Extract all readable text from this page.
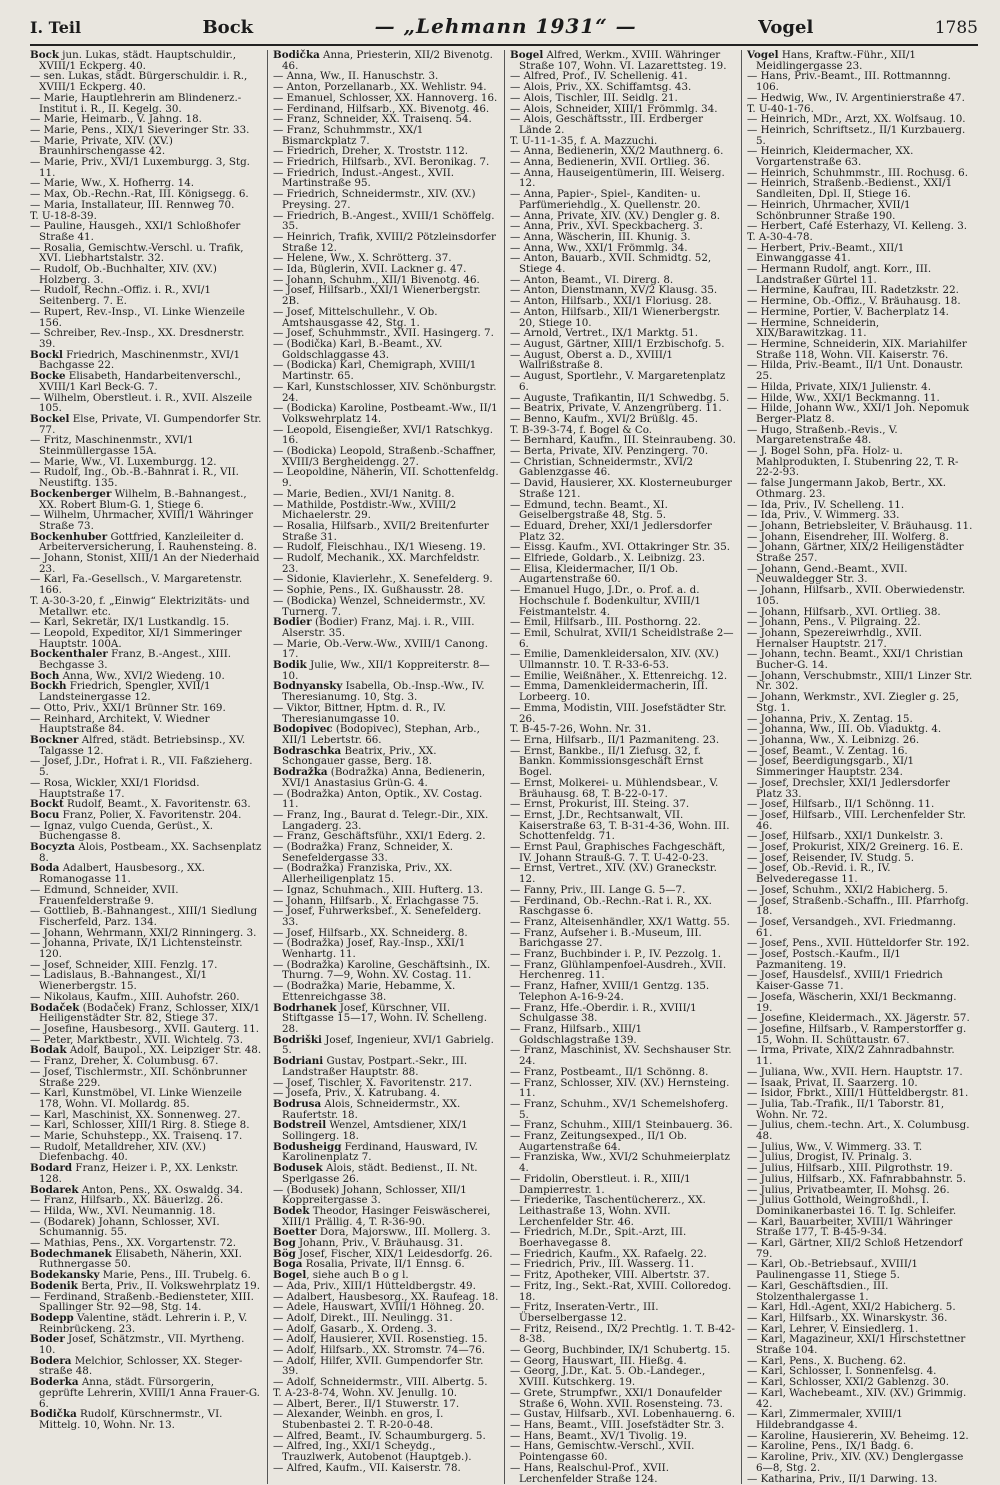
I. Teil	Bock	— „Lehmann 1931“ —	Vogel	1785
Bock jun. Lukas, städt. Hauptschuldir., XVIII/1 Eckperg. 40.
— sen. Lukas, städt. Bürgerschuldir. i. R., XVIII/1 Eckperg. 40.
— Marie, Hauptlehrerin am Blindenerz.-Institut i. R., II. Kegelg. 30.
— Marie, Heimarb., V. Jahng. 18.
— Marie, Pens., XIX/1 Sieveringer Str. 33.
— Marie, Private, XIV. (XV.) Braunhirschengasse 42.
— Marie, Priv., XVI/1 Luxemburgg. 3, Stg. 11.
— Marie, Ww., X. Hofherrg. 14.
— Max, Ob.-Rechn.-Rat, III. Königsegg. 6.
— Maria, Installateur, III. Rennweg 70.
T. U-18-8-39.
— Pauline, Hausgeh., XXI/1 Schloßhofer Straße 41.
— Rosalia, Gemischtw.-Verschl. u. Trafik, XVI. Liebhartstalstr. 32.
— Rudolf, Ob.-Buchhalter, XIV. (XV.) Holzberg. 3.
— Rudolf, Rechn.-Offiz. i. R., XVI/1 Seitenberg. 7. E.
— Rupert, Rev.-Insp., VI. Linke Wienzeile 156.
— Schreiber, Rev.-Insp., XX. Dresdnerstr. 39.
Bockl Friedrich, Maschinenmstr., XVI/1 Bachgasse 22.
Bocke Elisabeth, Handarbeitenverschl., XVIII/1 Karl Beck-G. 7.
— Wilhelm, Oberstleut. i. R., XVII. Alszeile 105.
Bockel Else, Private, VI. Gumpendorfer Str. 77.
— Fritz, Maschinenmstr., XVI/1 Steinmüllergasse 15A.
— Marie, Ww., VI. Luxemburgg. 12.
— Rudolf, Ing., Ob.-B.-Bahnrat i. R., VII. Neustiftg. 135.
Bockenberger Wilhelm, B.-Bahnangest., XX. Robert Blum-G. 1, Stiege 6.
— Wilhelm, Uhrmacher, XVIII/1 Währinger Straße 73.
Bockenhuber Gottfried, Kanzleileiter d. Arbeiterversicherung, I. Rauhensteing. 8.
— Johann, Stonist, XIII/1 An der Niederhaid 23.
— Karl, Fa.-Gesellsch., V. Margaretenstr. 166.
T. A-30-3-20, f. „Einwig“ Elektrizitäts- und Metallwr. etc.
— Karl, Sekretär, IX/1 Lustkandlg. 15.
— Leopold, Expeditor, XI/1 Simmeringer Hauptstr. 100A.
Bockenthaler Franz, B.-Angest., XIII. Bechgasse 3.
Boch Anna, Ww., XVI/2 Wiedeng. 10.
Bockh Friedrich, Spengler, XVII/1 Landsteinergasse 12.
— Otto, Priv., XXI/1 Brünner Str. 169.
— Reinhard, Architekt, V. Wiedner Hauptstraße 84.
Bockner Alfred, städt. Betriebsinsp., XV. Talgasse 12.
— Josef, J.Dr., Hofrat i. R., VII. Faßzieherg. 5.
— Rosa, Wickler, XXI/1 Floridsd. Hauptstraße 17.
Bockt Rudolf, Beamt., X. Favoritenstr. 63.
Bocu Franz, Polier, X. Favoritenstr. 204.
— Ignaz, vulgo Cuenda, Gerüst., X. Buchengasse 8.
Bocyzta Alois, Postbeam., XX. Sachsenplatz 8.
Boda Adalbert, Hausbesorg., XX. Romanogasse 11.
— Edmund, Schneider, XVII. Frauenfelderstraße 9.
— Gottlieb, B.-Bahnangest., XIII/1 Siedlung Fischerfeld, Parz. 134.
— Johann, Wehrmann, XXI/2 Rinningerg. 3.
— Johanna, Private, IX/1 Lichtensteinstr. 120.
— Josef, Schneider, XIII. Fenzlg. 17.
— Ladislaus, B.-Bahnangest., XI/1 Wienerbergstr. 15.
— Nikolaus, Kaufm., XIII. Auhofstr. 260.
Bodaček (Bodaček) Franz, Schlosser, XIX/1 Heiligenstädter Str. 82, Stiege 37.
— Josefine, Hausbesorg., XVII. Gauterg. 11.
— Peter, Marktbestr., XVII. Wichtelg. 73.
Bodak Adolf, Baupol., XX. Leipziger Str. 48.
— Franz, Dreher, X. Columbusg. 67.
— Josef, Tischlermstr., XII. Schönbrunner Straße 229.
— Karl, Kunstmöbel, VI. Linke Wienzeile 178, Wohn. VI. Mollardg. 85.
— Karl, Maschinist, XX. Sonnenweg. 27.
— Karl, Schlosser, XIII/1 Rirg. 8. Stiege 8.
— Marie, Schuhstepp., XX. Traisenq. 17.
— Rudolf, Metalldreher, XIV. (XV.) Diefenbachg. 40.
Bodard Franz, Heizer i. P., XX. Lenkstr. 128.
Bodarek Anton, Pens., XX. Oswaldg. 34.
— Franz, Hilfsarb., XX. Bäuerlzg. 26.
— Hilda, Ww., XVI. Neumannig. 18.
— (Bodarek) Johann, Schlosser, XVI. Schumannig. 55.
— Mathias, Pens., XX. Vorgartenstr. 72.
Bodechmanek Elisabeth, Näherin, XXI. Ruthnergasse 50.
Bodekansky Marie, Pens., III. Trubelg. 6.
Bodenik Berta, Priv., II. Volkswehrplatz 19.
— Ferdinand, Straßenb.-Bediensteter, XIII. Spallinger Str. 92—98, Stg. 14.
Bodepp Valentine, städt. Lehrerin i. P., V. Reinbrückeng. 23.
Boder Josef, Schätzmstr., VII. Myrtheng. 10.
Bodera Melchior, Schlosser, XX. Steger-straße 48.
Boderka Anna, städt. Fürsorgerin, geprüfte Lehrerin, XVIII/1 Anna Frauer-G. 6.
Bodička Rudolf, Kürschnermstr., VI. Mittelg. 10, Wohn. Nr. 13.
Bodička Anna, Priesterin, XII/2 Bivenotg. 46.
— Anna, Ww., II. Hanuschstr. 3.
— Anton, Porzellanarb., XX. Wehlistr. 94.
— Emanuel, Schlosser, XX. Hannoverg. 16.
— Ferdinand, Hilfsarb., XX. Bivenotg. 46.
— Franz, Schneider, XX. Traisenq. 54.
— Franz, Schuhmmstr., XX/1 Bismarckplatz 7.
— Friedrich, Dreher, X. Troststr. 112.
— Friedrich, Hilfsarb., XVI. Beronikag. 7.
— Friedrich, Indust.-Angest., XVII. Martinstraße 95.
— Friedrich, Schneidermstr., XIV. (XV.) Preysing. 27.
— Friedrich, B.-Angest., XVIII/1 Schöffelg. 35.
— Heinrich, Trafik, XVIII/2 Pötzleinsdorfer Straße 12.
— Helene, Ww., X. Schrötterg. 37.
— Ida, Büglerin, XVII. Lackner g. 47.
— Johann, Schuhm., XII/1 Bivenotg. 46.
— Josef, Hilfsarb., XXI/1 Wienerbergstr. 2B.
— Josef, Mittelschullehr., V. Ob. Amtshausgasse 42, Stg. 1.
— Josef, Schuhmmstr., XVII. Hasingerg. 7.
— (Bodička) Karl, B.-Beamt., XV. Goldschlaggasse 43.
— (Bodicka) Karl, Chemigraph, XVIII/1 Martinstr. 65.
— Karl, Kunstschlosser, XIV. Schönburgstr. 24.
— (Bodicka) Karoline, Postbeamt.-Ww., II/1 Volkswehrplatz 14.
— Leopold, Eisengießer, XVI/1 Ratschkyg. 16.
— (Bodicka) Leopold, Straßenb.-Schaffner, XVIII/3 Bergheidengg. 27.
— Leopoldine, Näherin, VII. Schottenfeldg. 9.
— Marie, Bedien., XVI/1 Nanitg. 8.
— Mathilde, Postdistr.-Ww., XVIII/2 Michaelerstr. 29.
— Rosalia, Hilfsarb., XVII/2 Breitenfurter Straße 31.
— Rudolf, Fleischhau., IX/1 Wieseng. 19.
— Rudolf, Mechanik., XX. Marchfeldstr. 23.
— Sidonie, Klavierlehr., X. Senefelderg. 9.
— Sophie, Pens., IX. Gußhausstr. 28.
— (Bodicka) Wenzel, Schneidermstr., XV. Turnerg. 7.
Bodier (Bodier) Franz, Maj. i. R., VIII. Alserstr. 35.
— Marie, Ob.-Verw.-Ww., XVIII/1 Canong. 17.
Bodik Julie, Ww., XII/1 Koppreiterstr. 8—10.
Bodnyansky Isabella, Ob.-Insp.-Ww., IV. Theresianumg. 10, Stg. 3.
— Viktor, Bittner, Hptm. d. R., IV. Theresianumgasse 10.
Bodopivec (Bodopivec), Stephan, Arb., XII/1 Lebertstr. 66.
Bodraschka Beatrix, Priv., XX. Schongauer gasse, Berg. 18.
Bodražka (Bodražka) Anna, Bedienerin, XVI/1 Anastasius Grün-G. 4.
— (Bodražka) Anton, Optik., XV. Costag. 11.
— Franz, Ing., Baurat d. Telegr.-Dir., XIX. Langaderg. 23.
— Franz, Geschäftsführ., XXI/1 Ederg. 2.
— (Bodražka) Franz, Schneider, X. Senefeldergasse 33.
— (Bodražka) Franziska, Priv., XX. Allerheiligenplatz 15.
— Ignaz, Schuhmach., XIII. Hufterg. 13.
— Johann, Hilfsarb., X. Erlachgasse 75.
— Josef, Fuhrwerksbef., X. Senefelderg. 33.
— Josef, Hilfsarb., XX. Schneiderg. 8.
— (Bodražka) Josef, Ray.-Insp., XXI/1 Wenhartg. 11.
— (Bodražka) Karoline, Geschäftsinh., IX. Thurng. 7—9, Wohn. XV. Costag. 11.
— (Bodražka) Marie, Hebamme, X. Ettenreichgasse 38.
Bodrhanek Josef, Kürschner, VII. Stiftgasse 15—17, Wohn. IV. Schelleng. 28.
Bodriški Josef, Ingenieur, XVI/1 Gabrielg. 5.
Bodriani Gustav, Postpart.-Sekr., III. Landstraßer Hauptstr. 88.
— Josef, Tischler, X. Favoritenstr. 217.
— Josefa, Priv., X. Katrubang. 4.
Bodrusa Alois, Schneidermstr., XX. Raufertstr. 18.
Bodstreil Wenzel, Amtsdiener, XIX/1 Sollingerg. 18.
Bodusheigg Ferdinand, Hausward, IV. Karolinenplatz 7.
Bodusek Alois, städt. Bedienst., II. Nt. Sperlgasse 26.
— (Bodusek) Johann, Schlosser, XII/1 Koppreitergasse 3.
Bodek Theodor, Hasinger Feiswäscherei, XIII/1 Prällig. 4, T. R-36-90.
Boetter Dora, Majorsww., III. Mollerg. 3.
Bog Johann, Priv., V. Bräuhausg. 31.
Bög Josef, Fischer, XIX/1 Leidesdorfg. 26.
Boga Rosalia, Private, II/1 Ennsg. 6.
Bogel, siehe auch B o g l.
— Ada, Priv., XIII/1 Hütteldbergstr. 49.
— Adalbert, Hausbesorg., XX. Raufeag. 18.
— Adele, Hauswart, XVIII/1 Höhneg. 20.
— Adolf, Direkt., III. Neulingg. 31.
— Adolf, Gasarb., X. Ordeng. 3.
— Adolf, Hausierer, XVII. Rosenstieg. 15.
— Adolf, Hilfsarb., XX. Stromstr. 74—76.
— Adolf, Hilfer, XVII. Gumpendorfer Str. 39.
— Adolf, Schneidermstr., VIII. Albertg. 5.
T. A-23-8-74, Wohn. XV. Jenullg. 10.
— Albert, Berer., II/1 Stuwerstr. 17.
— Alexander, Weinbh. en gros, I. Stubenbastei 2. T. R-20-0-48.
— Alfred, Beamt., IV. Schaumburgerg. 5.
— Alfred, Ing., XXI/1 Scheydg., Trauzlwerk, Autobenot (Hauptgeb.).
— Alfred, Kaufm., VII. Kaiserstr. 78.
Bogel Alfred, Werkm., XVIII. Währinger Straße 107, Wohn. VI. Lazarettsteg. 19.
— Alfred, Prof., IV. Schellenig. 41.
— Alois, Priv., XX. Schiffamtsg. 43.
— Alois, Tischler, III. Seidlg. 21.
— Alois, Schneider, XIII/1 Frömmlg. 34.
— Alois, Geschäftsstr., III. Erdberger Lände 2.
T. U-11-1-35, f. A. Mazzuchi.
— Anna, Bedienerin, XX/2 Mauthnerg. 6.
— Anna, Bedienerin, XVII. Ortlieg. 36.
— Anna, Hauseigentümerin, III. Weiserg. 12.
— Anna, Papier-, Spiel-, Kanditen- u. Parfümeriehdlg., X. Quellenstr. 20.
— Anna, Private, XIV. (XV.) Dengler g. 8.
— Anna, Priv., XVI. Speckbacherg. 3.
— Anna, Wäscherin, III. Khunig. 3.
— Anna, Ww., XXI/1 Frömmlg. 34.
— Anton, Bauarb., XVII. Schmidtg. 52, Stiege 4.
— Anton, Beamt., VI. Direrg. 8.
— Anton, Dienstmann, XV/2 Klausg. 35.
— Anton, Hilfsarb., XXI/1 Floriusg. 28.
— Anton, Hilfsarb., XII/1 Wienerbergstr. 20, Stiege 10.
— Arnold, Vertret., IX/1 Marktg. 51.
— August, Gärtner, XIII/1 Erzbischofg. 5.
— August, Oberst a. D., XVIII/1 Wallrißstraße 8.
— August, Sportlehr., V. Margaretenplatz 6.
— Auguste, Trafikantin, II/1 Schwedbg. 5.
— Beatrix, Private, V. Anzengrüberg. 11.
— Benno, Kaufm., XVI/2 Brüßlg. 45.
T. B-39-3-74, f. Bogel & Co.
— Bernhard, Kaufm., III. Steinraubeng. 30.
— Berta, Private, XIV. Penzingerg. 70.
— Christian, Schneidermstr., XVI/2 Gablenzgasse 46.
— David, Hausierer, XX. Klosterneuburger Straße 121.
— Edmund, techn. Beamt., XI. Geiselbergstraße 48, Stg. 5.
— Eduard, Dreher, XXI/1 Jedlersdorfer Platz 32.
— Eissg. Kaufm., XVI. Ottakringer Str. 35.
— Elfriede, Goldarb., X. Leibnizg. 23.
— Elisa, Kleidermacher, II/1 Ob. Augartenstraße 60.
— Emanuel Hugo, J.Dr., o. Prof. a. d. Hochschule f. Bodenkultur, XVIII/1 Feistmantelstr. 4.
— Emil, Hilfsarb., III. Posthorng. 22.
— Emil, Schulrat, XVII/1 Scheidlstraße 2—6.
— Emilie, Damenkleidersalon, XIV. (XV.) Ullmannstr. 10. T. R-33-6-53.
— Emilie, Weißnäher., X. Ettenreichg. 12.
— Emma, Damenkleidermacherin, III. Lorbeerg. 10.
— Emma, Modistin, VIII. Josefstädter Str. 26.
T. B-45-7-26, Wohn. Nr. 31.
— Erna, Hilfsarb., II/1 Pazmaniteng. 23.
— Ernst, Bankbe., II/1 Ziefusg. 32, f. Bankn. Kommissionsgeschäft Ernst Bogel.
— Ernst, Molkerei- u. Mühlendsbear., V. Bräuhausg. 68, T. B-22-0-17.
— Ernst, Prokurist, III. Steing. 37.
— Ernst, J.Dr., Rechtsanwalt, VII. Kaiserstraße 63, T. B-31-4-36, Wohn. III. Schottenfeldg. 71.
— Ernst Paul, Graphisches Fachgeschäft, IV. Johann Strauß-G. 7. T. U-42-0-23.
— Ernst, Vertret., XIV. (XV.) Graneckstr. 12.
— Fanny, Priv., III. Lange G. 5—7.
— Ferdinand, Ob.-Rechn.-Rat i. R., XX. Raschgasse 6.
— Franz, Alteisenhändler, XX/1 Wattg. 55.
— Franz, Aufseher i. B.-Museum, III. Barichgasse 27.
— Franz, Buchbinder i. P., IV. Pezzolg. 1.
— Franz, Glühlampenfoel-Ausdreh., XVII. Herchenreg. 11.
— Franz, Hafner, XVIII/1 Gentzg. 135. Telephon A-16-9-24.
— Franz, Hfe.-Oberdir. i. R., XVIII/1 Schulgasse 38.
— Franz, Hilfsarb., XIII/1 Goldschlagstraße 139.
— Franz, Maschinist, XV. Sechshauser Str. 24.
— Franz, Postbeamt., II/1 Schönng. 8.
— Franz, Schlosser, XIV. (XV.) Hernsteing. 11.
— Franz, Schuhm., XV/1 Schemelshoferg. 5.
— Franz, Schuhm., XIII/1 Steinbauerg. 36.
— Franz, Zeitungsexped., II/1 Ob. Augartenstraße 64.
— Franziska, Ww., XVI/2 Schuhmeierplatz 4.
— Fridolin, Oberstleut. i. R., XIII/1 Dampierrestr. 1.
— Friederike, Taschentüchererz., XX. Leithastraße 13, Wohn. XVII. Lerchenfelder Str. 46.
— Friedrich, M.Dr., Spit.-Arzt, III. Boerhavegasse 8.
— Friedrich, Kaufm., XX. Rafaelg. 22.
— Friedrich, Priv., III. Wasserg. 11.
— Fritz, Apotheker, VIII. Albertstr. 37.
— Fritz, Ing., Sekt.-Rat, XVIII. Colloredog. 18.
— Fritz, Inseraten-Vertr., III. Überselbergasse 12.
— Fritz, Reisend., IX/2 Prechtlg. 1. T. B-42-8-38.
— Georg, Buchbinder, IX/1 Schubertg. 15.
— Georg, Hauswart, III. Hießg. 4.
— Georg, J.Dr., Kat. 5. Ob.-Landeger., XVIII. Kutschkerg. 19.
— Grete, Strumpfwr., XXI/1 Donaufelder Straße 6, Wohn. XVII. Rosensteing. 73.
— Gustav, Hilfsarb., XVI. Lobenhauerng. 6.
— Hans, Beamt., VIII. Josefstädter Str. 3.
— Hans, Beamt., XV/1 Tivolig. 19.
— Hans, Gemischtw.-Verschl., XVII. Pointengasse 60.
— Hans, Realschul-Prof., XVII. Lerchenfelder Straße 124.
Vogel Hans, Kraftw.-Führ., XII/1 Meidlingergasse 23.
— Hans, Priv.-Beamt., III. Rottmannng. 106.
— Hedwig, Ww., IV. Argentinierstraße 47.
T. U-40-1-76.
— Heinrich, MDr., Arzt, XX. Wolfsaug. 10.
— Heinrich, Schriftsetz., II/1 Kurzbauerg. 5.
— Heinrich, Kleidermacher, XX. Vorgartenstraße 63.
— Heinrich, Schuhmmstr., III. Rochusg. 6.
— Heinrich, Straßenb.-Bedienst., XXI/1 Sandleiten, Dpl. II, Stiege 16.
— Heinrich, Uhrmacher, XVII/1 Schönbrunner Straße 190.
— Herbert, Café Esterhazy, VI. Kelleng. 3.
T. A-30-4-78.
— Herbert, Priv.-Beamt., XII/1 Einwanggasse 41.
— Hermann Rudolf, angt. Korr., III. Landstraßer Gürtel 11.
— Hermine, Kaufrau, III. Radetzkstr. 22.
— Hermine, Ob.-Offiz., V. Bräuhausg. 18.
— Hermine, Portier, V. Bacherplatz 14.
— Hermine, Schneiderin, XIX/Barawitzkag. 11.
— Hermine, Schneiderin, XIX. Mariahilfer Straße 118, Wohn. VII. Kaiserstr. 76.
— Hilda, Priv.-Beamt., II/1 Unt. Donaustr. 25.
— Hilda, Private, XIX/1 Julienstr. 4.
— Hilde, Ww., XXI/1 Beckmanng. 11.
— Hilde, Johann Ww., XXI/1 Joh. Nepomuk Berger-Platz 8.
— Hugo, Straßenb.-Revis., V. Margaretenstraße 48.
— J. Bogel Sohn, pFa. Holz- u. Mahlprodukten, I. Stubenring 22, T. R-22-2-93.
— false Jungermann Jakob, Bertr., XX. Othmarg. 23.
— Ida, Priv., IV. Schelleng. 11.
— Ida, Priv., V. Wimmerg. 33.
— Johann, Betriebsleiter, V. Bräuhausg. 11.
— Johann, Eisendreher, III. Wolferg. 8.
— Johann, Gärtner, XIX/2 Heiligenstädter Straße 257.
— Johann, Gend.-Beamt., XVII. Neuwaldegger Str. 3.
— Johann, Hilfsarb., XVII. Oberwiedenstr. 105.
— Johann, Hilfsarb., XVI. Ortlieg. 38.
— Johann, Pens., V. Pilgraing. 22.
— Johann, Spezereiwrhdlg., XVII. Hernalser Hauptstr. 217.
— Johann, techn. Beamt., XXI/1 Christian Bucher-G. 14.
— Johann, Verschubmstr., XIII/1 Linzer Str. Nr. 302.
— Johann, Werkmstr., XVI. Ziegler g. 25, Stg. 1.
— Johanna, Priv., X. Zentag. 15.
— Johanna, Ww., III. Ob. Viaduktg. 4.
— Johanna, Ww., X. Leibnizg. 26.
— Josef, Beamt., V. Zentag. 16.
— Josef, Beerdigungsgarb., XI/1 Simmeringer Hauptstr. 234.
— Josef, Drechsler, XXI/1 Jedlersdorfer Platz 33.
— Josef, Hilfsarb., II/1 Schönng. 11.
— Josef, Hilfsarb., VIII. Lerchenfelder Str. 46.
— Josef, Hilfsarb., XXI/1 Dunkelstr. 3.
— Josef, Prokurist, XIX/2 Greinerg. 16. E.
— Josef, Reisender, IV. Studg. 5.
— Josef, Ob.-Revid. i. R., IV. Belvederegasse 11.
— Josef, Schuhm., XXI/2 Habicherg. 5.
— Josef, Straßenb.-Schaffn., III. Pfarrhofg. 18.
— Josef, Versandgeh., XVI. Friedmanng. 61.
— Josef, Pens., XVII. Hütteldorfer Str. 192.
— Josef, Postsch.-Kaufm., II/1 Pazmaniteng. 19.
— Josef, Hausdelsf., XVIII/1 Friedrich Kaiser-Gasse 71.
— Josefa, Wäscherin, XXI/1 Beckmanng. 19.
— Josefine, Kleidermach., XX. Jägerstr. 57.
— Josefine, Hilfsarb., V. Ramperstorffer g. 15, Wohn. II. Schüttaustr. 67.
— Irma, Private, XIX/2 Zahnradbahnstr. 11.
— Juliana, Ww., XVII. Hern. Hauptstr. 17.
— Isaak, Privat, II. Saarzerg. 10.
— Isidor, Fbrkt., XIII/1 Hütteldbergstr. 81.
— Julia, Tab.-Trafik., II/1 Taborstr. 81, Wohn. Nr. 72.
— Julius, chem.-techn. Art., X. Columbusg. 48.
— Julius, Ww., V. Wimmerg. 33. T.
— Julius, Drogist, IV. Prinalg. 3.
— Julius, Hilfsarb., XIII. Pilgrothstr. 19.
— Julius, Hilfsarb., XX. Fafnrabbahnstr. 5.
— Julius, Privatbeamter, II. Mohsg. 26.
— Julius Gotthold, Weingroßhdl., I. Dominikanerbastei 16. T. Ig. Schleifer.
— Karl, Bauarbeiter, XVIII/1 Währinger Straße 177, T. B-45-9-34.
— Karl, Gärtner, XII/2 Schloß Hetzendorf 79.
— Karl, Ob.-Betriebsauf., XVIII/1 Paulinengasse 11, Stiege 5.
— Karl, Geschäftsdien., III. Stolzenthalergasse 1.
— Karl, Hdl.-Agent, XXI/2 Habicherg. 5.
— Karl, Hilfsarb., XX. Winarskystr. 36.
— Karl, Lehrer, V. Einsiedlerg. 1.
— Karl, Magazineur, XXI/1 Hirschstettner Straße 104.
— Karl, Pens., X. Bucheng. 62.
— Karl, Schlosser, I. Sonnenfelsg. 4.
— Karl, Schlosser, XXI/2 Gablenzg. 30.
— Karl, Wachebeamt., XIV. (XV.) Grimmig. 42.
— Karl, Zimmermaler, XVIII/1 Hildebrandgasse 4.
— Karoline, Hausiererin, XV. Beheimg. 12.
— Karoline, Pens., IX/1 Badg. 6.
— Karoline, Priv., XIV. (XV.) Denglergasse 6—8, Stg. 2.
— Katharina, Priv., II/1 Darwing. 13.
